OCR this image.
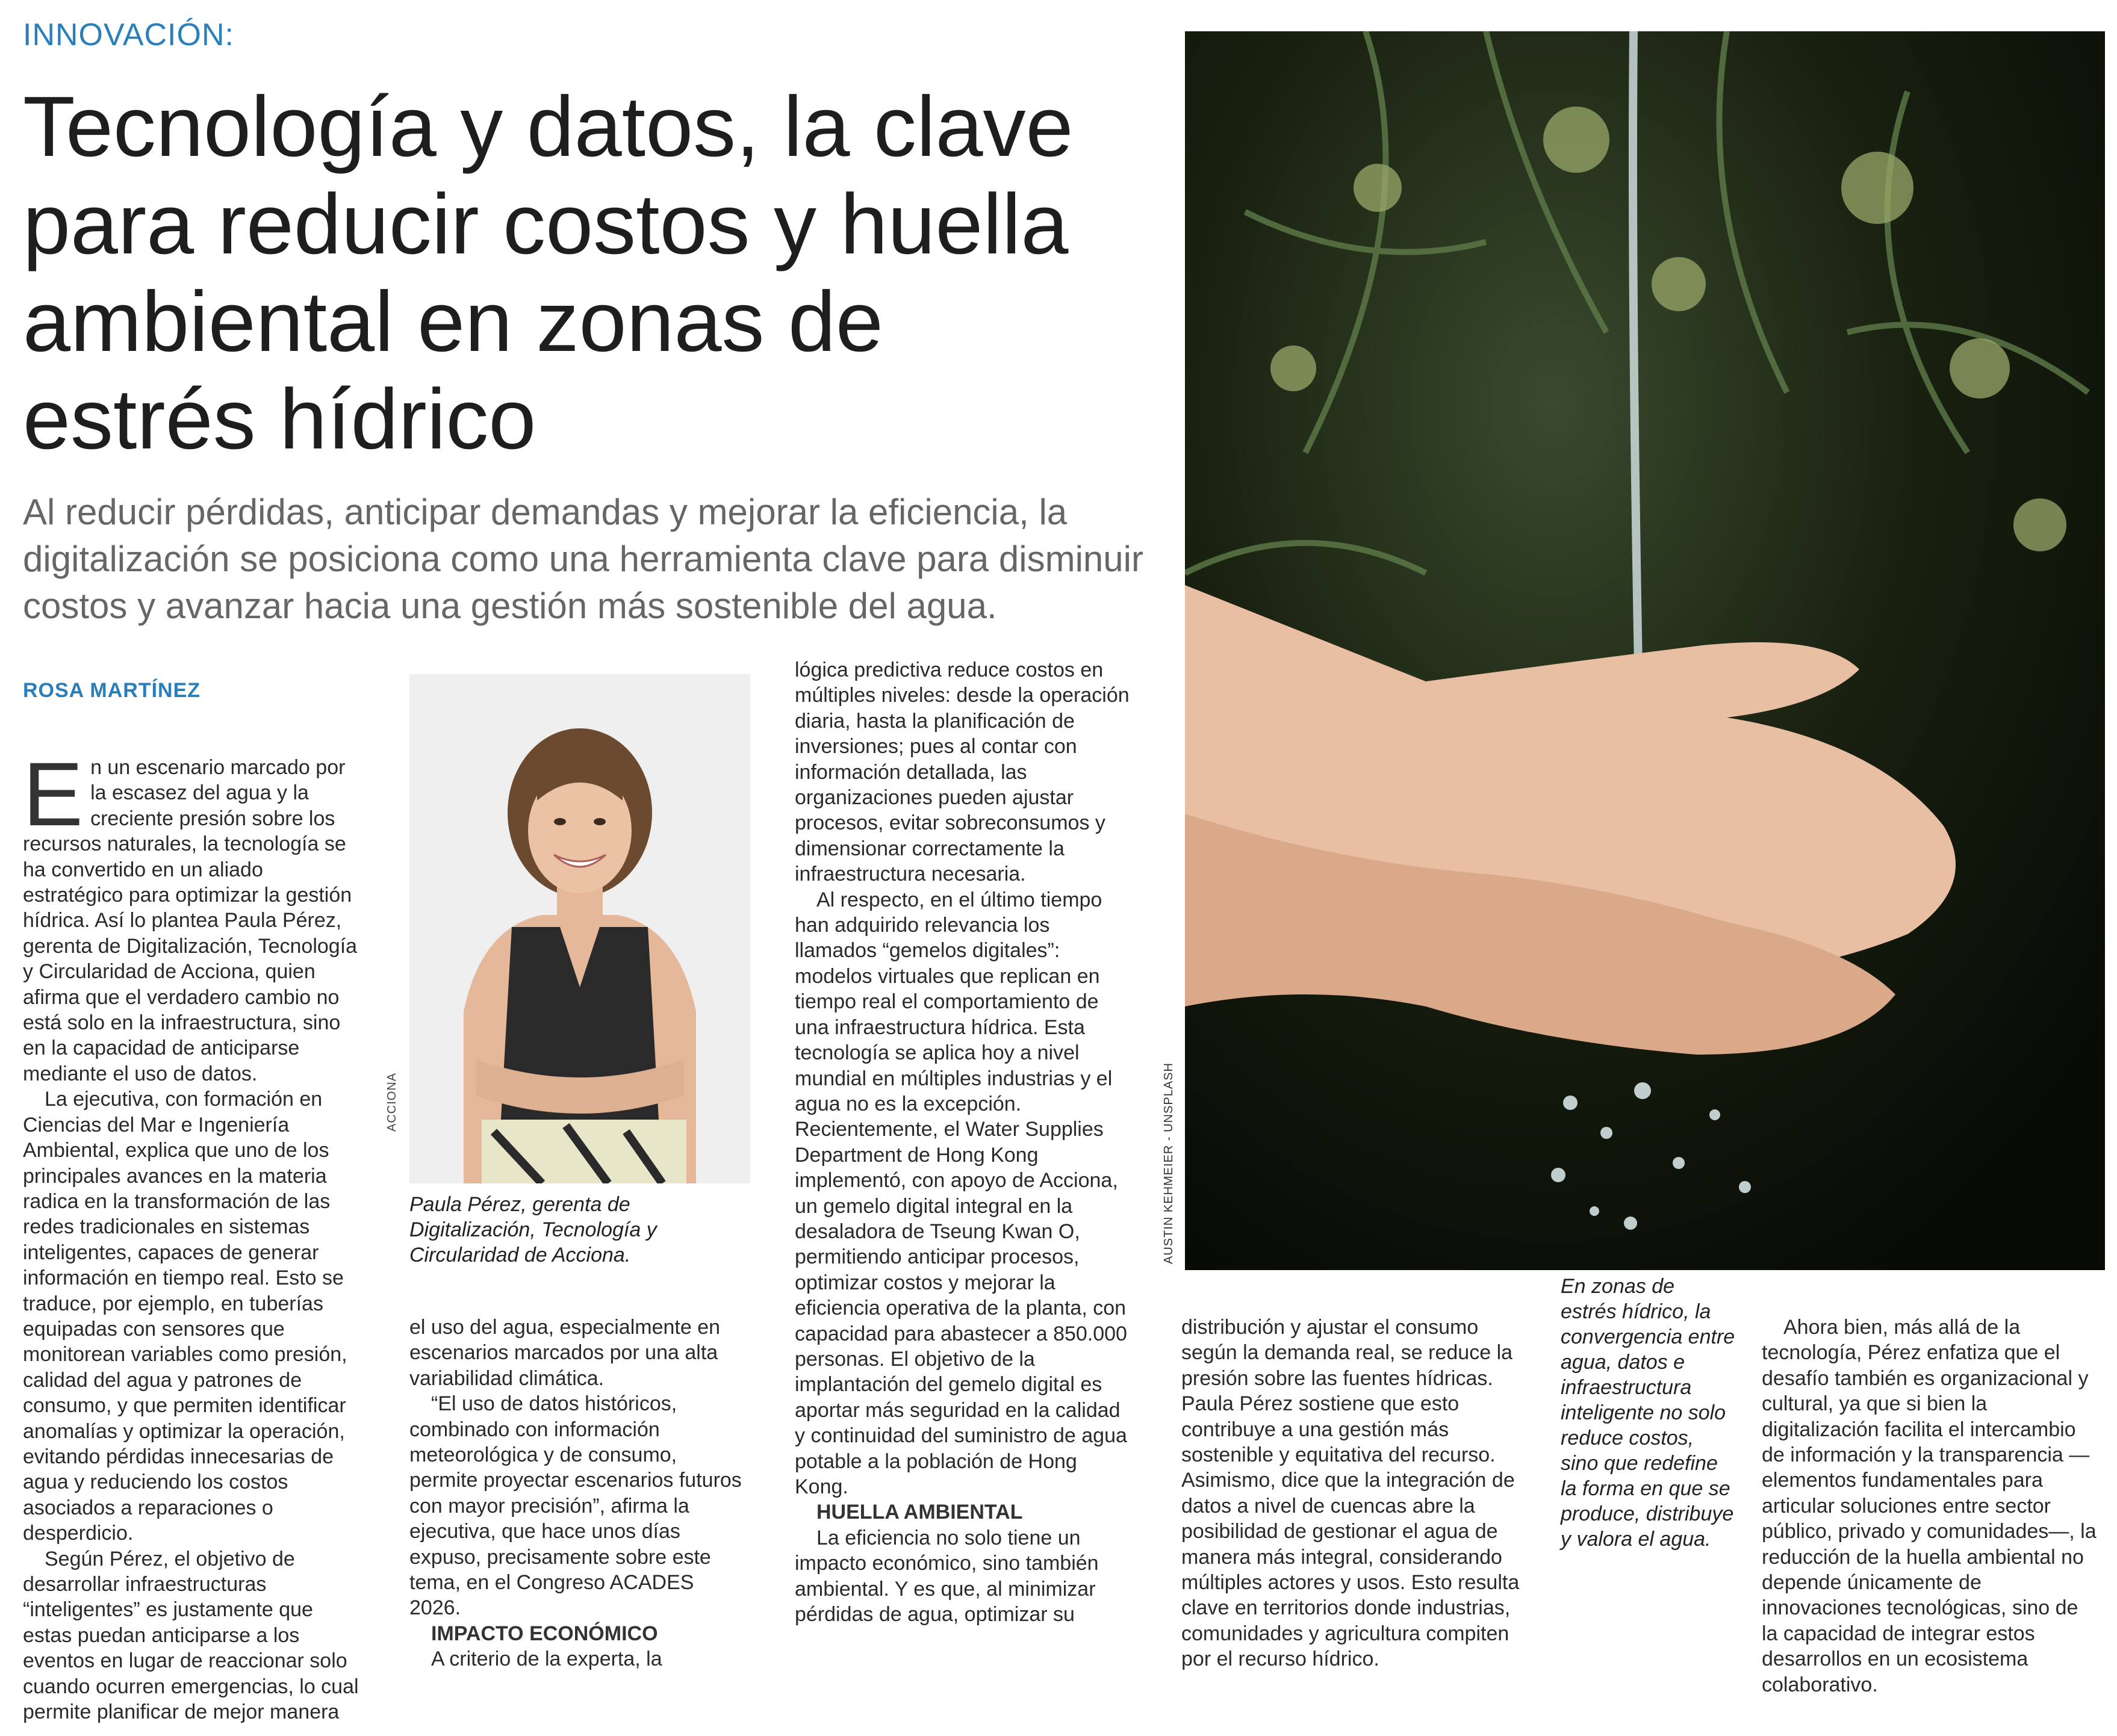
INNOVACIÓN:
Tecnología y datos, la clave para reducir costos y huella ambiental en zonas de estrés hídrico

Al reducir pérdidas, anticipar demandas y mejorar la eficiencia, la digitalización se posiciona como una herramienta clave para disminuir costos y avanzar hacia una gestión más sostenible del agua.

ROSA MARTÍNEZ

En un escenario marcado por la escasez del agua y la creciente presión sobre los recursos naturales, la tecnología se ha convertido en un aliado estratégico para optimizar la gestión hídrica. Así lo plantea Paula Pérez, gerenta de Digitalización, Tecnología y Circularidad de Acciona, quien afirma que el verdadero cambio no está solo en la infraestructura, sino en la capacidad de anticiparse mediante el uso de datos.

La ejecutiva, con formación en Ciencias del Mar e Ingeniería Ambiental, explica que uno de los principales avances en la materia radica en la transformación de las redes tradicionales en sistemas inteligentes, capaces de generar información en tiempo real. Esto se traduce, por ejemplo, en tuberías equipadas con sensores que monitorean variables como presión, calidad del agua y patrones de consumo, y que permiten identificar anomalías y optimizar la operación, evitando pérdidas innecesarias de agua y reduciendo los costos asociados a reparaciones o desperdicio.

Según Pérez, el objetivo de desarrollar infraestructuras “inteligentes” es justamente que estas puedan anticiparse a los eventos en lugar de reaccionar solo cuando ocurren emergencias, lo cual permite planificar de mejor manera

ACCIONA
Paula Pérez, gerenta de Digitalización, Tecnología y Circularidad de Acciona.

el uso del agua, especialmente en escenarios marcados por una alta variabilidad climática.

“El uso de datos históricos, combinado con información meteorológica y de consumo, permite proyectar escenarios futuros con mayor precisión”, afirma la ejecutiva, que hace unos días expuso, precisamente sobre este tema, en el Congreso ACADES 2026.

IMPACTO ECONÓMICO

A criterio de la experta, la

lógica predictiva reduce costos en múltiples niveles: desde la operación diaria, hasta la planificación de inversiones; pues al contar con información detallada, las organizaciones pueden ajustar procesos, evitar sobreconsumos y dimensionar correctamente la infraestructura necesaria.

Al respecto, en el último tiempo han adquirido relevancia los llamados “gemelos digitales”: modelos virtuales que replican en tiempo real el comportamiento de una infraestructura hídrica. Esta tecnología se aplica hoy a nivel mundial en múltiples industrias y el agua no es la excepción. Recientemente, el Water Supplies Department de Hong Kong implementó, con apoyo de Acciona, un gemelo digital integral en la desaladora de Tseung Kwan O, permitiendo anticipar procesos, optimizar costos y mejorar la eficiencia operativa de la planta, con capacidad para abastecer a 850.000 personas. El objetivo de la implantación del gemelo digital es aportar más seguridad en la calidad y continuidad del suministro de agua potable a la población de Hong Kong.

HUELLA AMBIENTAL

La eficiencia no solo tiene un impacto económico, sino también ambiental. Y es que, al minimizar pérdidas de agua, optimizar su

AUSTIN KEHMEIER - UNSPLASH
En zonas de estrés hídrico, la convergencia entre agua, datos e infraestructura inteligente no solo reduce costos, sino que redefine la forma en que se produce, distribuye y valora el agua.

distribución y ajustar el consumo según la demanda real, se reduce la presión sobre las fuentes hídricas. Paula Pérez sostiene que esto contribuye a una gestión más sostenible y equitativa del recurso. Asimismo, dice que la integración de datos a nivel de cuencas abre la posibilidad de gestionar el agua de manera más integral, considerando múltiples actores y usos. Esto resulta clave en territorios donde industrias, comunidades y agricultura compiten por el recurso hídrico.

Ahora bien, más allá de la tecnología, Pérez enfatiza que el desafío también es organizacional y cultural, ya que si bien la digitalización facilita el intercambio de información y la transparencia —elementos fundamentales para articular soluciones entre sector público, privado y comunidades—, la reducción de la huella ambiental no depende únicamente de innovaciones tecnológicas, sino de la capacidad de integrar estos desarrollos en un ecosistema colaborativo.
